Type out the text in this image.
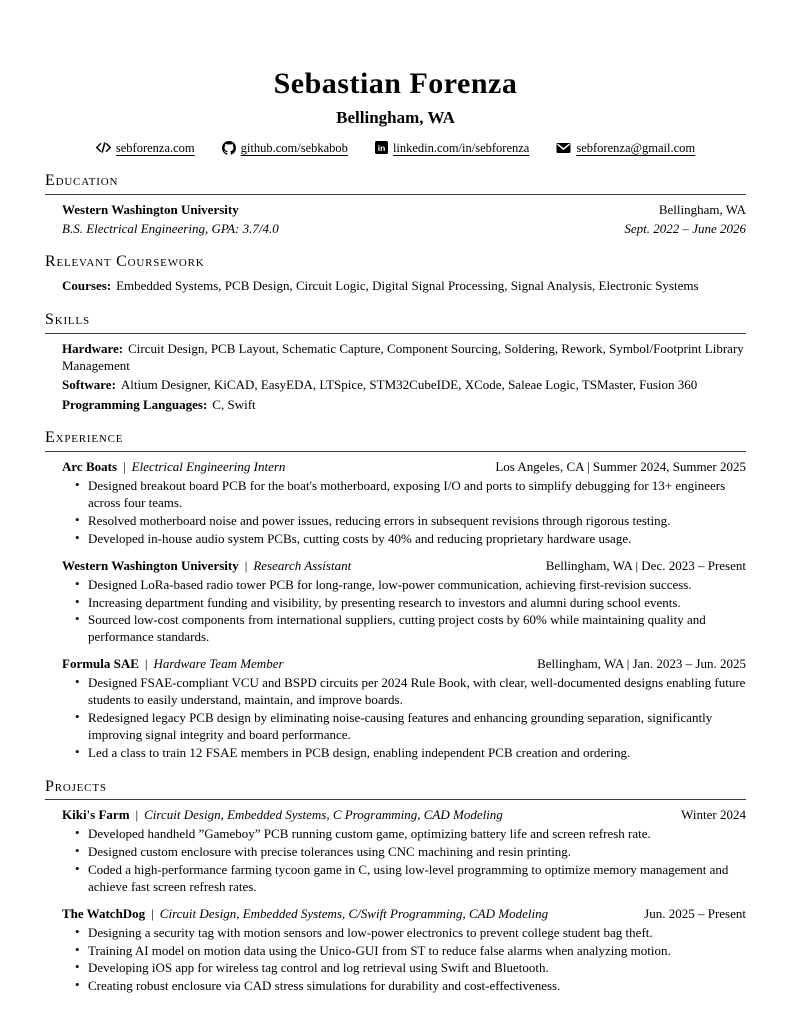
Sebastian Forenza
Bellingham, WA
sebforenza.com	github.com/sebkabob	in linkedin.com/in/sebforenza	sebforenza@gmail.com
Education
Western Washington University	Bellingham, WA
B.S. Electrical Engineering, GPA: 3.7/4.0	Sept. 2022 – June 2026
Relevant Coursework
Courses: Embedded Systems, PCB Design, Circuit Logic, Digital Signal Processing, Signal Analysis, Electronic Systems
Skills
Hardware: Circuit Design, PCB Layout, Schematic Capture, Component Sourcing, Soldering, Rework, Symbol/Footprint Library Management
Software: Altium Designer, KiCAD, EasyEDA, LTSpice, STM32CubeIDE, XCode, Saleae Logic, TSMaster, Fusion 360
Programming Languages: C, Swift
Experience
Arc Boats | Electrical Engineering Intern	Los Angeles, CA | Summer 2024, Summer 2025
• Designed breakout board PCB for the boat's motherboard, exposing I/O and ports to simplify debugging for 13+ engineers across four teams.
• Resolved motherboard noise and power issues, reducing errors in subsequent revisions through rigorous testing.
• Developed in-house audio system PCBs, cutting costs by 40% and reducing proprietary hardware usage.
Western Washington University | Research Assistant	Bellingham, WA | Dec. 2023 – Present
• Designed LoRa-based radio tower PCB for long-range, low-power communication, achieving first-revision success.
• Increasing department funding and visibility, by presenting research to investors and alumni during school events.
• Sourced low-cost components from international suppliers, cutting project costs by 60% while maintaining quality and performance standards.
Formula SAE | Hardware Team Member	Bellingham, WA | Jan. 2023 – Jun. 2025
• Designed FSAE-compliant VCU and BSPD circuits per 2024 Rule Book, with clear, well-documented designs enabling future students to easily understand, maintain, and improve boards.
• Redesigned legacy PCB design by eliminating noise-causing features and enhancing grounding separation, significantly improving signal integrity and board performance.
• Led a class to train 12 FSAE members in PCB design, enabling independent PCB creation and ordering.
Projects
Kiki's Farm | Circuit Design, Embedded Systems, C Programming, CAD Modeling	Winter 2024
• Developed handheld ”Gameboy” PCB running custom game, optimizing battery life and screen refresh rate.
• Designed custom enclosure with precise tolerances using CNC machining and resin printing.
• Coded a high-performance farming tycoon game in C, using low-level programming to optimize memory management and achieve fast screen refresh rates.
The WatchDog | Circuit Design, Embedded Systems, C/Swift Programming, CAD Modeling	Jun. 2025 – Present
• Designing a security tag with motion sensors and low-power electronics to prevent college student bag theft.
• Training AI model on motion data using the Unico-GUI from ST to reduce false alarms when analyzing motion.
• Developing iOS app for wireless tag control and log retrieval using Swift and Bluetooth.
• Creating robust enclosure via CAD stress simulations for durability and cost-effectiveness.
